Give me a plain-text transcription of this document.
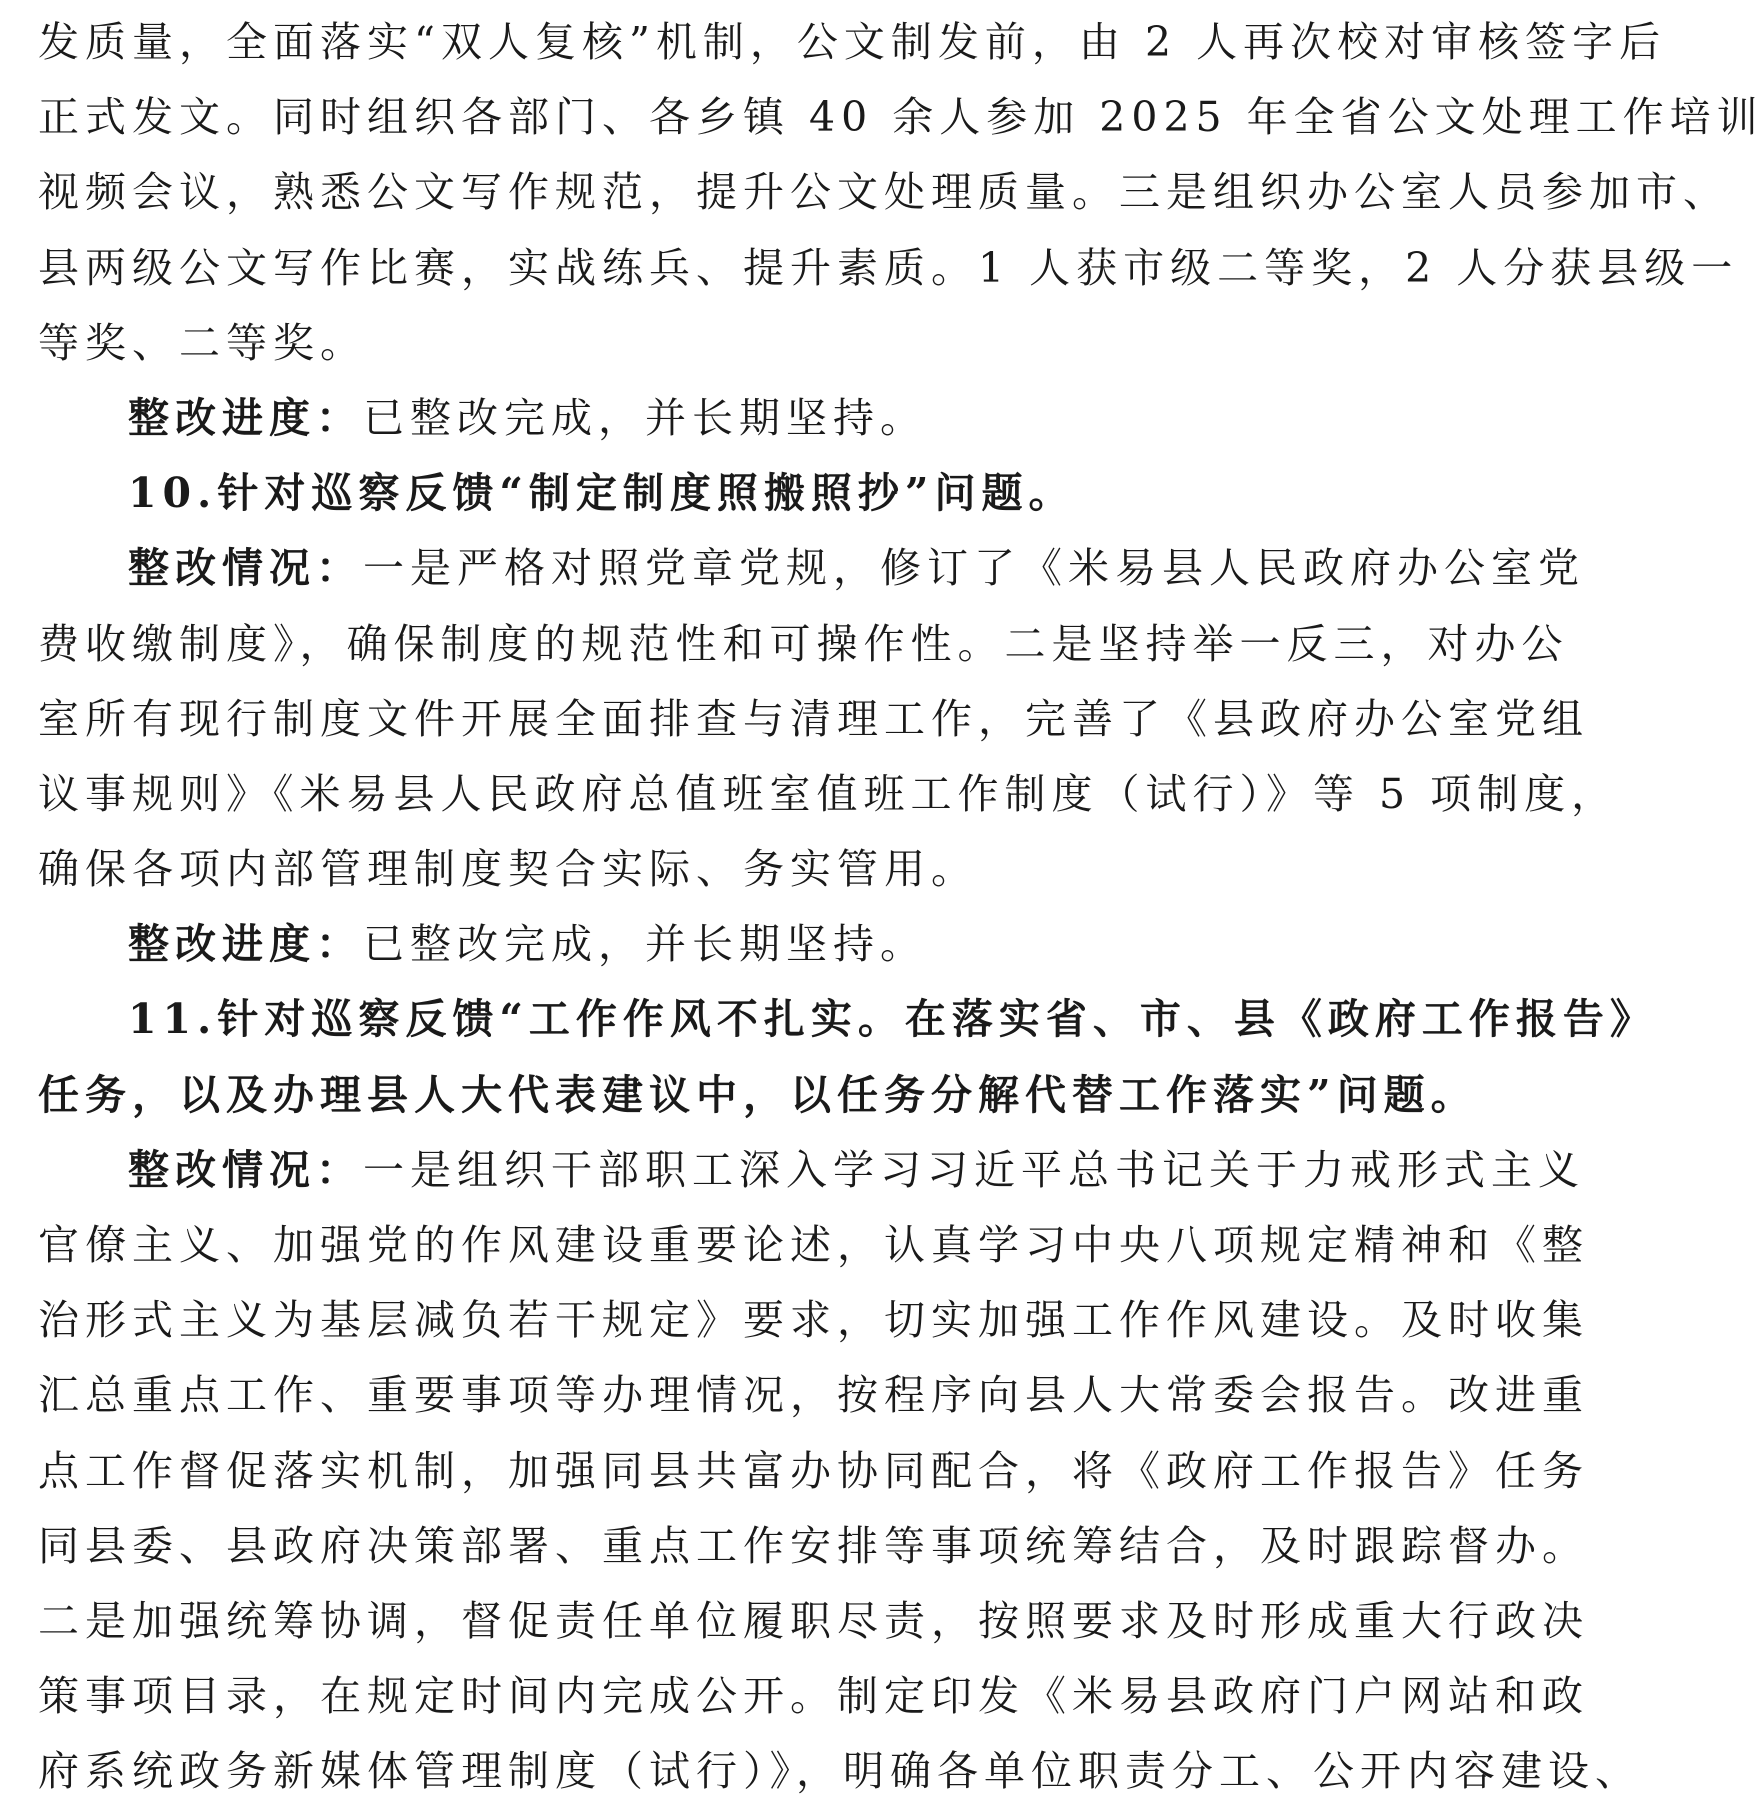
发质量，全面落实“双人复核”机制，公文制发前，由 2 人再次校对审核签字后
正式发文。同时组织各部门、各乡镇 40 余人参加 2025 年全省公文处理工作培训
视频会议，熟悉公文写作规范，提升公文处理质量。三是组织办公室人员参加市、
县两级公文写作比赛，实战练兵、提升素质。1 人获市级二等奖，2 人分获县级一
等奖、二等奖。
整改进度：已整改完成，并长期坚持。
10.针对巡察反馈“制定制度照搬照抄”问题。
整改情况：一是严格对照党章党规，修订了《米易县人民政府办公室党
费收缴制度》，确保制度的规范性和可操作性。二是坚持举一反三，对办公
室所有现行制度文件开展全面排查与清理工作，完善了《县政府办公室党组
议事规则》《米易县人民政府总值班室值班工作制度（试行）》等 5 项制度，
确保各项内部管理制度契合实际、务实管用。
整改进度：已整改完成，并长期坚持。
11.针对巡察反馈“工作作风不扎实。在落实省、市、县《政府工作报告》
任务，以及办理县人大代表建议中，以任务分解代替工作落实”问题。
整改情况：一是组织干部职工深入学习习近平总书记关于力戒形式主义
官僚主义、加强党的作风建设重要论述，认真学习中央八项规定精神和《整
治形式主义为基层减负若干规定》要求，切实加强工作作风建设。及时收集
汇总重点工作、重要事项等办理情况，按程序向县人大常委会报告。改进重
点工作督促落实机制，加强同县共富办协同配合，将《政府工作报告》任务
同县委、县政府决策部署、重点工作安排等事项统筹结合，及时跟踪督办。
二是加强统筹协调，督促责任单位履职尽责，按照要求及时形成重大行政决
策事项目录，在规定时间内完成公开。制定印发《米易县政府门户网站和政
府系统政务新媒体管理制度（试行）》，明确各单位职责分工、公开内容建设、
